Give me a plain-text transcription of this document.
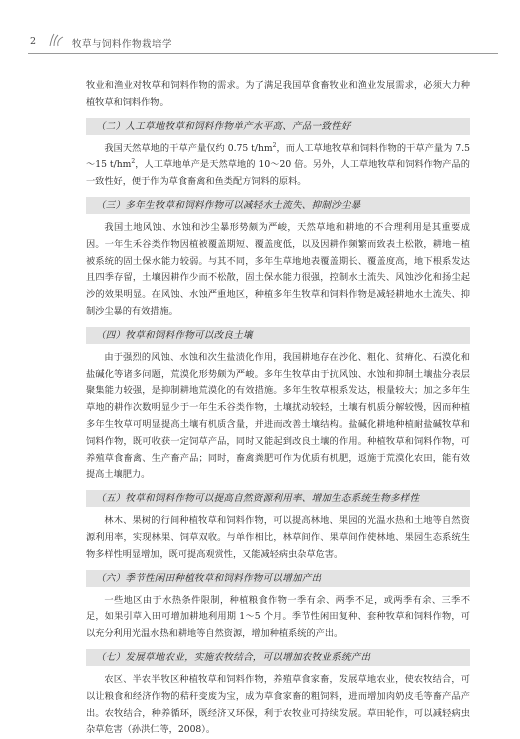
2	牧草与饲料作物栽培学

牧业和渔业对牧草和饲料作物的需求。为了满足我国草食畜牧业和渔业发展需求，必须大力种植牧草和饲料作物。

（二）人工草地牧草和饲料作物单产水平高、产品一致性好

我国天然草地的干草产量仅约 0.75 $t/hm^2$，而人工草地牧草和饲料作物的干草产量为 7.5～15 $t/hm^2$，人工草地单产是天然草地的 10～20 倍。另外，人工草地牧草和饲料作物产品的一致性好，便于作为草食畜禽和鱼类配方饲料的原料。

（三）多年生牧草和饲料作物可以减轻水土流失、抑制沙尘暴

我国土地风蚀、水蚀和沙尘暴形势颇为严峻，天然草地和耕地的不合理利用是其重要成因。一年生禾谷类作物因植被覆盖期短、覆盖度低，以及因耕作频繁而致表土松散，耕地－植被系统的固土保水能力较弱。与其不同，多年生草地地表覆盖期长、覆盖度高，地下根系发达且四季存留，土壤因耕作少而不松散，固土保水能力很强，控制水土流失、风蚀沙化和扬尘起沙的效果明显。在风蚀、水蚀严重地区，种植多年生牧草和饲料作物是减轻耕地水土流失、抑制沙尘暴的有效措施。

（四）牧草和饲料作物可以改良土壤

由于强烈的风蚀、水蚀和次生盐渍化作用，我国耕地存在沙化、粗化、贫瘠化、石漠化和盐碱化等诸多问题，荒漠化形势颇为严峻。多年生牧草由于抗风蚀、水蚀和抑制土壤盐分表层聚集能力较强，是抑制耕地荒漠化的有效措施。多年生牧草根系发达，根量较大；加之多年生草地的耕作次数明显少于一年生禾谷类作物，土壤扰动较轻，土壤有机质分解较慢，因而种植多年生牧草可明显提高土壤有机质含量，并进而改善土壤结构。盐碱化耕地种植耐盐碱牧草和饲料作物，既可收获一定饲草产品，同时又能起到改良土壤的作用。种植牧草和饲料作物，可养殖草食畜禽、生产畜产品；同时，畜禽粪肥可作为优质有机肥，返施于荒漠化农田，能有效提高土壤肥力。

（五）牧草和饲料作物可以提高自然资源利用率、增加生态系统生物多样性

林木、果树的行间种植牧草和饲料作物，可以提高林地、果园的光温水热和土地等自然资源利用率，实现林果、饲草双收。与单作相比，林草间作、果草间作使林地、果园生态系统生物多样性明显增加，既可提高观赏性，又能减轻病虫杂草危害。

（六）季节性闲田种植牧草和饲料作物可以增加产出

一些地区由于水热条件限制，种植粮食作物一季有余、两季不足，或两季有余、三季不足，如果引草入田可增加耕地利用期 1～5 个月。季节性闲田复种、套种牧草和饲料作物，可以充分利用光温水热和耕地等自然资源，增加种植系统的产出。

（七）发展草地农业，实施农牧结合，可以增加农牧业系统产出

农区、半农半牧区种植牧草和饲料作物，养殖草食家畜，发展草地农业，使农牧结合，可以让粮食和经济作物的秸秆变废为宝，成为草食家畜的粗饲料，进而增加肉奶皮毛等畜产品产出。农牧结合，种养循环，既经济又环保，利于农牧业可持续发展。草田轮作，可以减轻病虫杂草危害（孙洪仁等，2008）。
